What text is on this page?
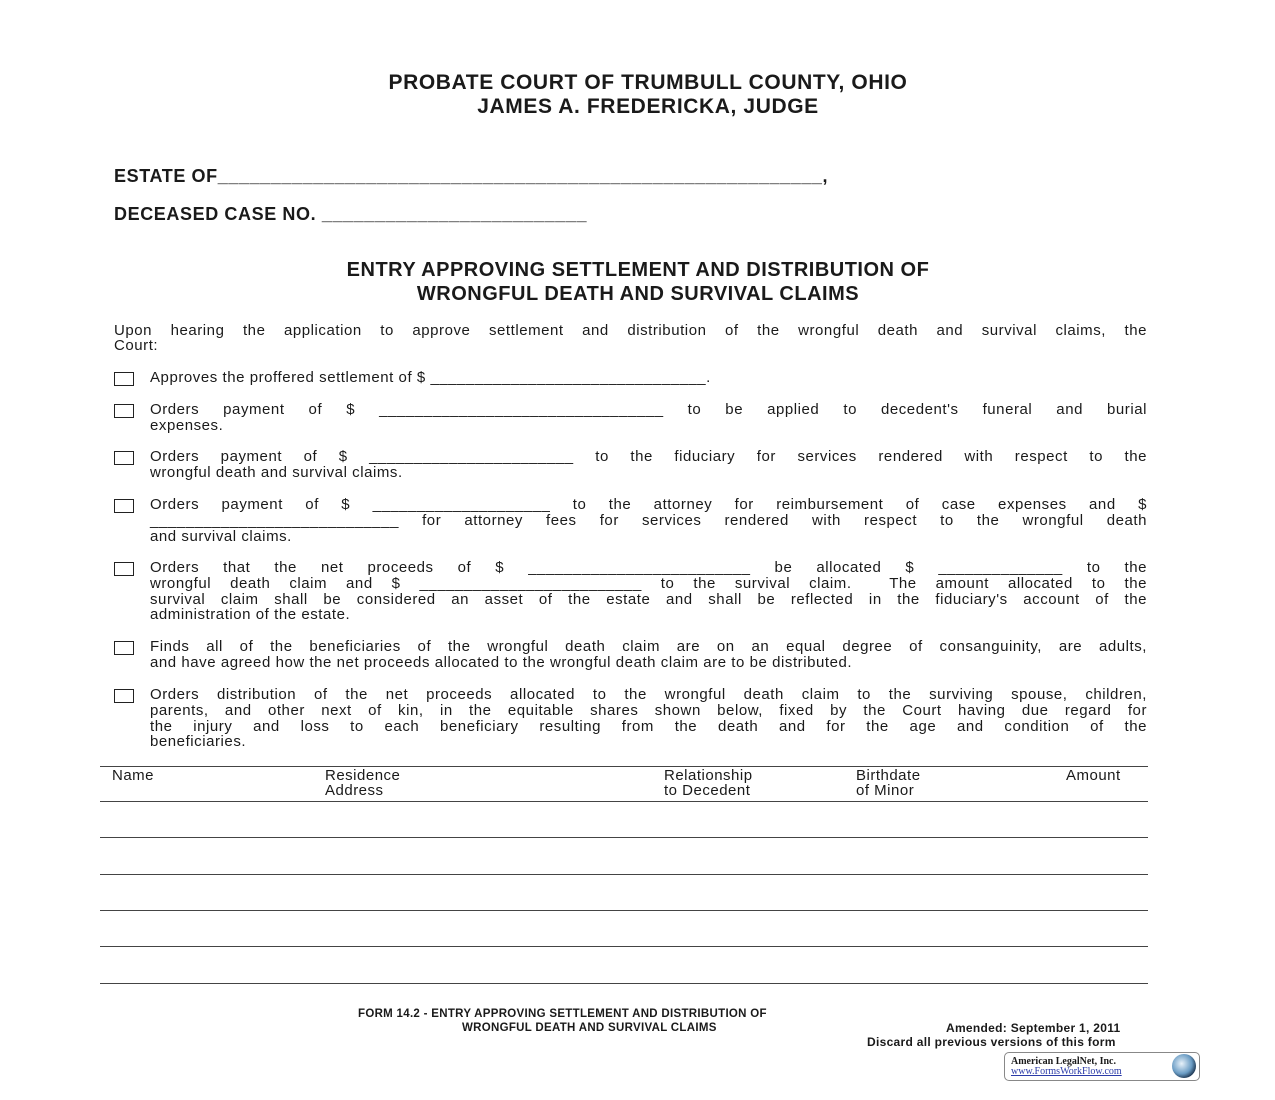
PROBATE COURT OF TRUMBULL COUNTY, OHIO
JAMES A. FREDERICKA, JUDGE
ESTATE OF_________________________________________________________,
DECEASED CASE NO. _________________________
ENTRY APPROVING SETTLEMENT AND DISTRIBUTION OF
WRONGFUL DEATH AND SURVIVAL CLAIMS
Upon hearing the application to approve settlement and distribution of the wrongful death and survival claims, the
Court:
Approves the proffered settlement of $ _______________________________.
Orders payment of $ ________________________________ to be applied to decedent's funeral and burial
expenses.
Orders payment of $ _______________________ to the fiduciary for services rendered with respect to the
wrongful death and survival claims.
Orders payment of $ ____________________ to the attorney for reimbursement of case expenses and $
____________________________ for attorney fees for services rendered with respect to the wrongful death
and survival claims.
Orders that the net proceeds of $ _________________________ be allocated $ ______________ to the
wrongful death claim and $ _________________________ to the survival claim.  The amount allocated to the
survival claim shall be considered an asset of the estate and shall be reflected in the fiduciary's account of the
administration of the estate.
Finds all of the beneficiaries of the wrongful death claim are on an equal degree of consanguinity, are adults,
and have agreed how the net proceeds allocated to the wrongful death claim are to be distributed.
Orders distribution of the net proceeds allocated to the wrongful death claim to the surviving spouse, children,
parents, and other next of kin, in the equitable shares shown below, fixed by the Court having due regard for
the injury and loss to each beneficiary resulting from the death and for the age and condition of the
beneficiaries.
Name	Residence
Address
Relationship
to Decedent
Birthdate
of Minor
Amount
FORM 14.2 - ENTRY APPROVING SETTLEMENT AND DISTRIBUTION OF
WRONGFUL DEATH AND SURVIVAL CLAIMS	Amended: September 1, 2011
Discard all previous versions of this form
American LegalNet, Inc.
www.FormsWorkFlow.com
